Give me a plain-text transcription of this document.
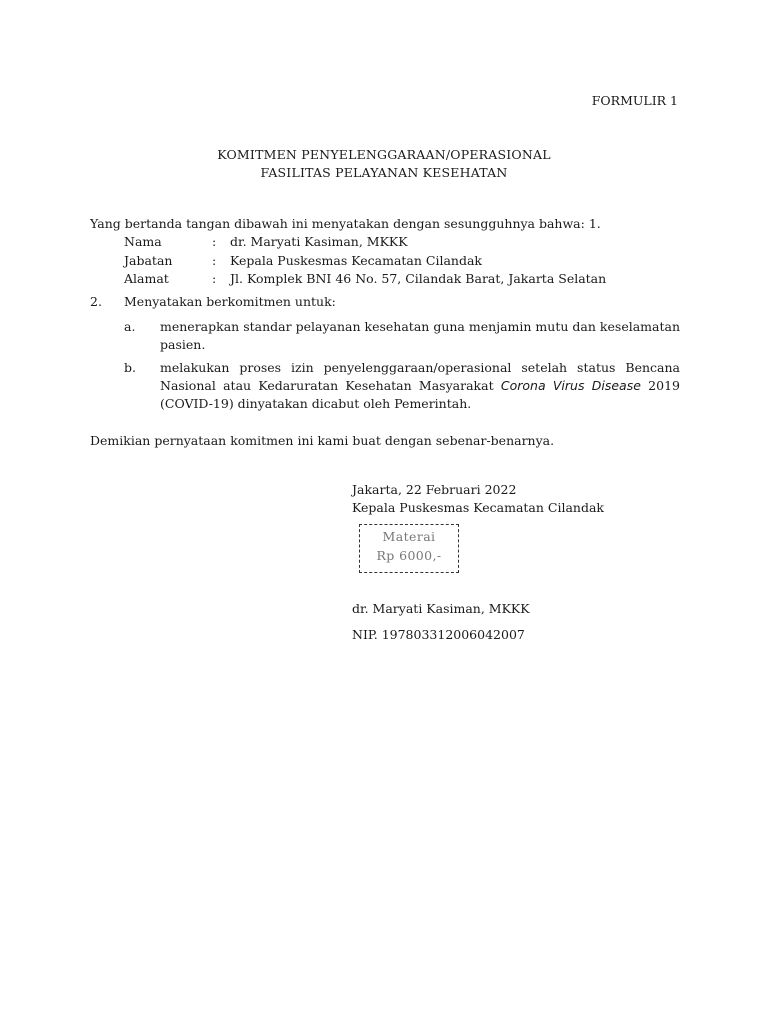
FORMULIR 1
KOMITMEN PENYELENGGARAAN/OPERASIONAL
FASILITAS PELAYANAN KESEHATAN
Yang bertanda tangan dibawah ini menyatakan dengan sesungguhnya bahwa: 1.
Nama	:	dr. Maryati Kasiman, MKKK
Jabatan	:	Kepala Puskesmas Kecamatan Cilandak
Alamat	:	Jl. Komplek BNI 46 No. 57, Cilandak Barat, Jakarta Selatan
2. Menyatakan berkomitmen untuk:
a.	menerapkan standar pelayanan kesehatan guna menjamin mutu dan keselamatan pasien.
b.	melakukan proses izin penyelenggaraan/operasional setelah status Bencana Nasional atau Kedaruratan Kesehatan Masyarakat Corona Virus Disease 2019 (COVID-19) dinyatakan dicabut oleh Pemerintah.
Demikian pernyataan komitmen ini kami buat dengan sebenar-benarnya.
Jakarta, 22 Februari 2022
Kepala Puskesmas Kecamatan Cilandak
Materai
Rp 6000,-
dr. Maryati Kasiman, MKKK
NIP. 197803312006042007
